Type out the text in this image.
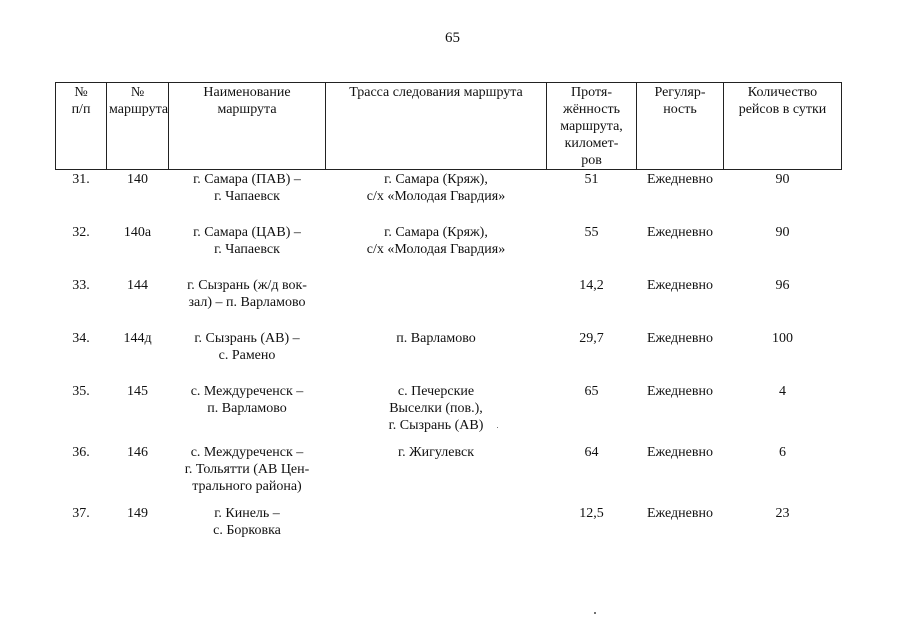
65
№
п/п	№
маршрута	Наименование
маршрута	Трасса следования маршрута	Протя-
жённость
маршрута,
километ-
ров	Регуляр-
ность	Количество
рейсов в сутки
31.	140	г. Самара (ПАВ) –
г. Чапаевск	г. Самара (Кряж),
с/х «Молодая Гвардия»	51	Ежедневно	90
32.	140а	г. Самара (ЦАВ) –
г. Чапаевск	г. Самара (Кряж),
с/х «Молодая Гвардия»	55	Ежедневно	90
33.	144	г. Сызрань (ж/д вок-
зал) – п. Варламово		14,2	Ежедневно	96
34.	144д	г. Сызрань (АВ) –
с. Рамено	п. Варламово	29,7	Ежедневно	100
35.	145	с. Междуреченск –
п. Варламово	с. Печерские
Выселки (пов.),
г. Сызрань (АВ)	65	Ежедневно	4
36.	146	с. Междуреченск –
г. Тольятти (АВ Цен-
трального района)	г. Жигулевск	64	Ежедневно	6
37.	149	г. Кинель –
с. Борковка		12,5	Ежедневно	23
